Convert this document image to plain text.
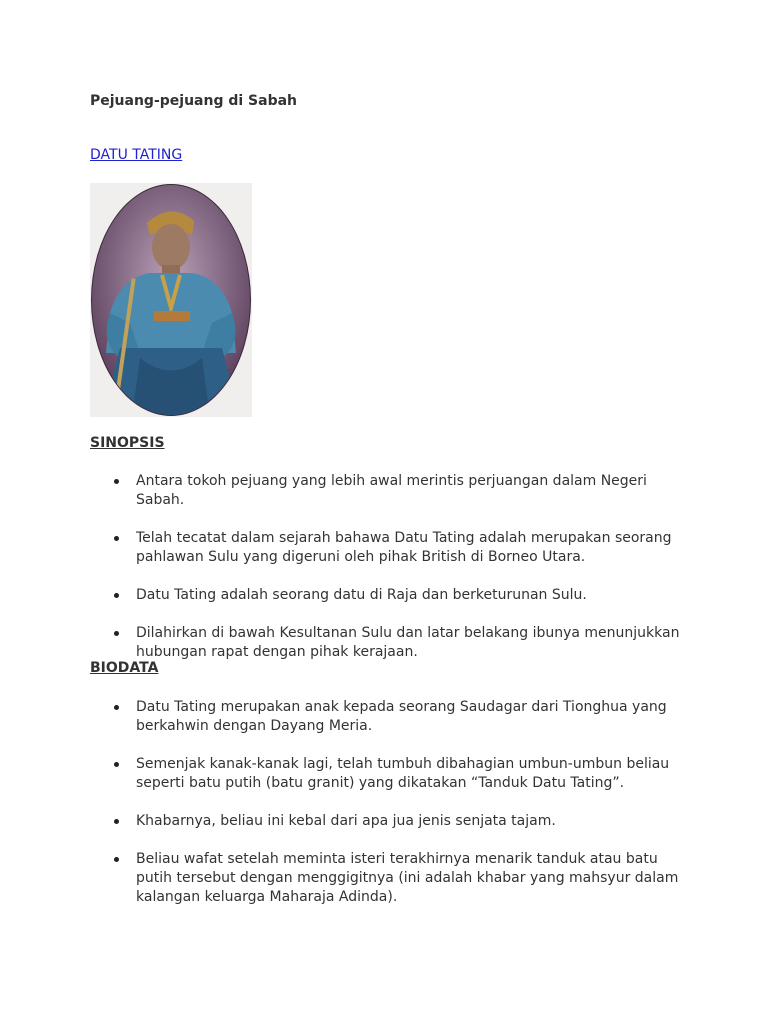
Pejuang-pejuang di Sabah
DATU TATING
SINOPSIS
Antara tokoh pejuang yang lebih awal merintis perjuangan dalam Negeri Sabah.
Telah tecatat dalam sejarah bahawa Datu Tating adalah merupakan seorang pahlawan Sulu yang digeruni oleh pihak British di Borneo Utara.
Datu Tating adalah seorang datu di Raja dan berketurunan Sulu.
Dilahirkan di bawah Kesultanan Sulu dan latar belakang ibunya menunjukkan hubungan rapat dengan pihak kerajaan.
BIODATA
Datu Tating merupakan anak kepada seorang Saudagar dari Tionghua yang berkahwin dengan Dayang Meria.
Semenjak kanak-kanak lagi, telah tumbuh dibahagian umbun-umbun beliau seperti batu putih (batu granit) yang dikatakan “Tanduk Datu Tating”.
Khabarnya, beliau ini kebal dari apa jua jenis senjata tajam.
Beliau wafat setelah meminta isteri terakhirnya menarik tanduk atau batu putih tersebut dengan menggigitnya (ini adalah khabar yang mahsyur dalam kalangan keluarga Maharaja Adinda).
